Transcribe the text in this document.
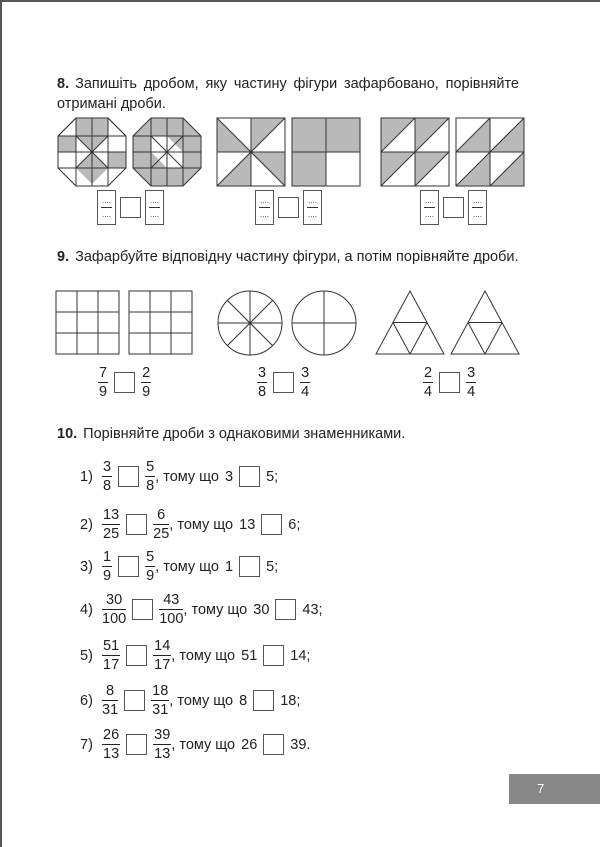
8. Запишіть дробом, яку частину фігури зафарбовано, порівняйте отримані дроби.
....
....
....
....
....
....
....
....
....
....
....
....
9. Зафарбуйте відповідну частину фігури, а потім порівняйте дроби.
$\frac{7}{9} \frac{2}{9}$	$\frac{3}{8} \frac{3}{4}$	$\frac{2}{4} \frac{3}{4}$
10. Порівняйте дроби з однаковими знаменниками.
$1) \frac{3}{8} \frac{5}{8}$ , тому що 3 5;
$2) \frac{13}{25} \frac{6}{25}$ , тому що 13 6;
$3) \frac{1}{9} \frac{5}{9}$ , тому що 1 5;
$4) \frac{30}{100} \frac{43}{100}$ , тому що 30 43;
$5) \frac{51}{17} \frac{14}{17}$ , тому що 51 14;
$6) \frac{8}{31} \frac{18}{31}$ , тому що 8 18;
$7) \frac{26}{13} \frac{39}{13}$ , тому що 26 39.
7
